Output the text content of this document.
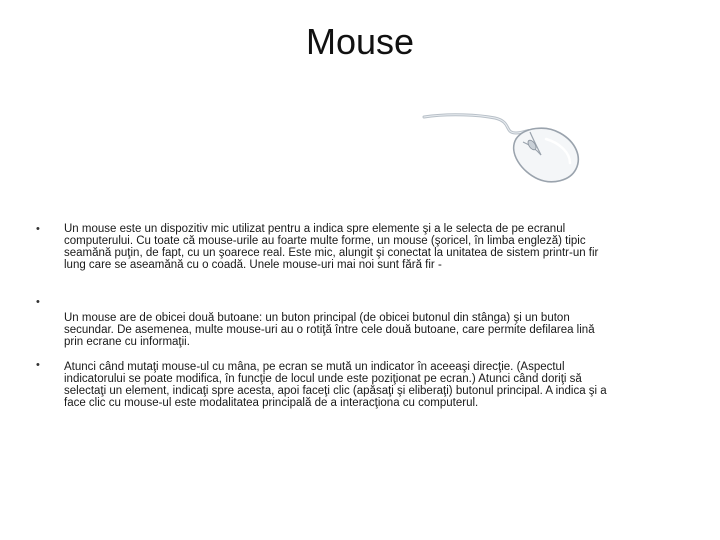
Mouse
•	Un mouse este un dispozitiv mic utilizat pentru a indica spre elemente şi a le selecta de pe ecranul computerului. Cu toate că mouse-urile au foarte multe forme, un mouse (şoricel, în limba engleză) tipic seamănă puţin, de fapt, cu un şoarece real. Este mic, alungit şi conectat la unitatea de sistem printr-un fir lung care se aseamănă cu o coadă. Unele mouse-uri mai noi sunt fără fir -

•

Un mouse are de obicei două butoane: un buton principal (de obicei butonul din stânga) şi un buton secundar. De asemenea, multe mouse-uri au o rotiţă între cele două butoane, care permite defilarea lină prin ecrane cu informaţii.

•	Atunci când mutaţi mouse-ul cu mâna, pe ecran se mută un indicator în aceeaşi direcţie. (Aspectul indicatorului se poate modifica, în funcţie de locul unde este poziţionat pe ecran.) Atunci când doriţi să selectaţi un element, indicaţi spre acesta, apoi faceţi clic (apăsaţi şi eliberaţi) butonul principal. A indica şi a face clic cu mouse-ul este modalitatea principală de a interacţiona cu computerul.
